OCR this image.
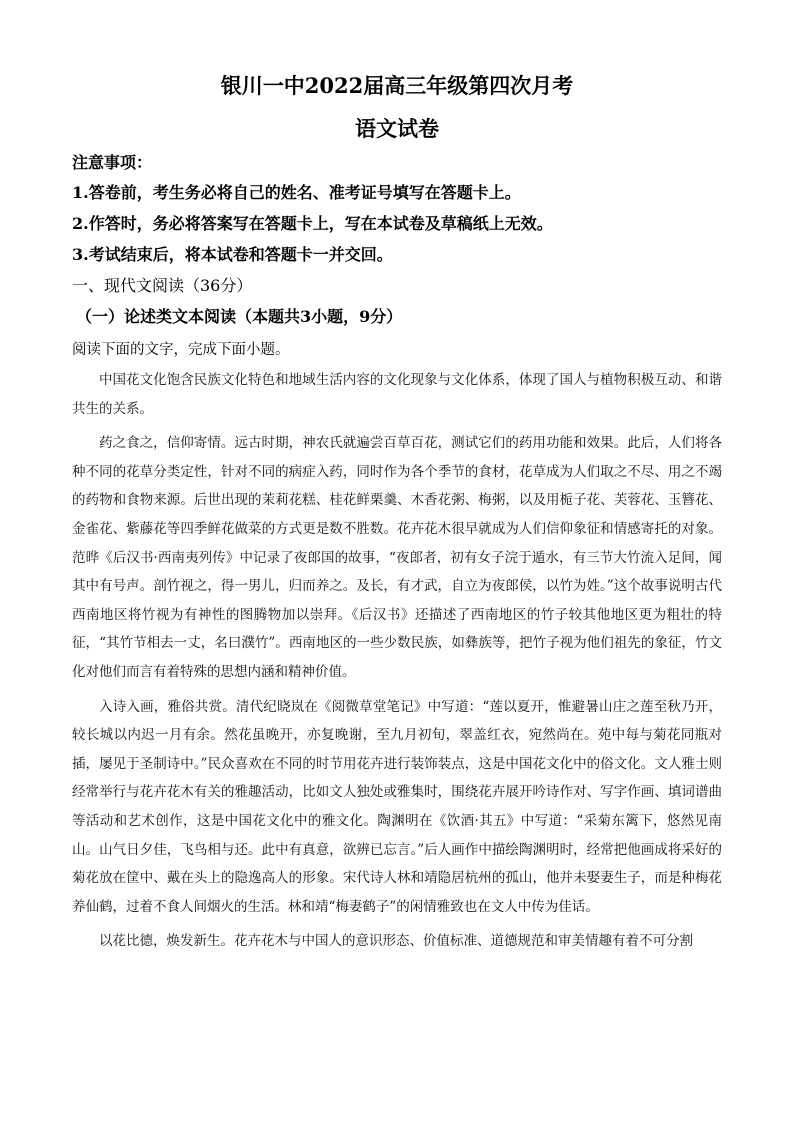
银川一中2022届高三年级第四次月考
语文试卷
注意事项：
1.答卷前，考生务必将自己的姓名、准考证号填写在答题卡上。
2.作答时，务必将答案写在答题卡上，写在本试卷及草稿纸上无效。
3.考试结束后，将本试卷和答题卡一并交回。
一、现代文阅读（36分）
（一）论述类文本阅读（本题共3小题，9分）
阅读下面的文字，完成下面小题。

中国花文化饱含民族文化特色和地域生活内容的文化现象与文化体系，体现了国人与植物积极互动、和谐共生的关系。

药之食之，信仰寄情。远古时期，神农氏就遍尝百草百花，测试它们的药用功能和效果。此后，人们将各种不同的花草分类定性，针对不同的病症入药，同时作为各个季节的食材，花草成为人们取之不尽、用之不竭的药物和食物来源。后世出现的茉莉花糕、桂花鲜栗羹、木香花粥、梅粥，以及用栀子花、芙蓉花、玉簪花、金雀花、紫藤花等四季鲜花做菜的方式更是数不胜数。花卉花木很早就成为人们信仰象征和情感寄托的对象。范晔《后汉书·西南夷列传》中记录了夜郎国的故事，“夜郎者，初有女子浣于遁水，有三节大竹流入足间，闻其中有号声。剖竹视之，得一男儿，归而养之。及长，有才武，自立为夜郎侯，以竹为姓。”这个故事说明古代西南地区将竹视为有神性的图腾物加以崇拜。《后汉书》还描述了西南地区的竹子较其他地区更为粗壮的特征，“其竹节相去一丈，名曰濮竹”。西南地区的一些少数民族，如彝族等，把竹子视为他们祖先的象征，竹文化对他们而言有着特殊的思想内涵和精神价值。

入诗入画，雅俗共赏。清代纪晓岚在《阅微草堂笔记》中写道：“莲以夏开，惟避暑山庄之莲至秋乃开，较长城以内迟一月有余。然花虽晚开，亦复晚谢，至九月初旬，翠盖红衣，宛然尚在。苑中每与菊花同瓶对插，屡见于圣制诗中。”民众喜欢在不同的时节用花卉进行装饰装点，这是中国花文化中的俗文化。文人雅士则经常举行与花卉花木有关的雅趣活动，比如文人独处或雅集时，围绕花卉展开吟诗作对、写字作画、填词谱曲等活动和艺术创作，这是中国花文化中的雅文化。陶渊明在《饮酒·其五》中写道：“采菊东篱下，悠然见南山。山气日夕佳，飞鸟相与还。此中有真意，欲辨已忘言。”后人画作中描绘陶渊明时，经常把他画成将采好的菊花放在筐中、戴在头上的隐逸高人的形象。宋代诗人林和靖隐居杭州的孤山，他并未娶妻生子，而是种梅花养仙鹤，过着不食人间烟火的生活。林和靖“梅妻鹤子”的闲情雅致也在文人中传为佳话。

以花比德，焕发新生。花卉花木与中国人的意识形态、价值标准、道德规范和审美情趣有着不可分割
